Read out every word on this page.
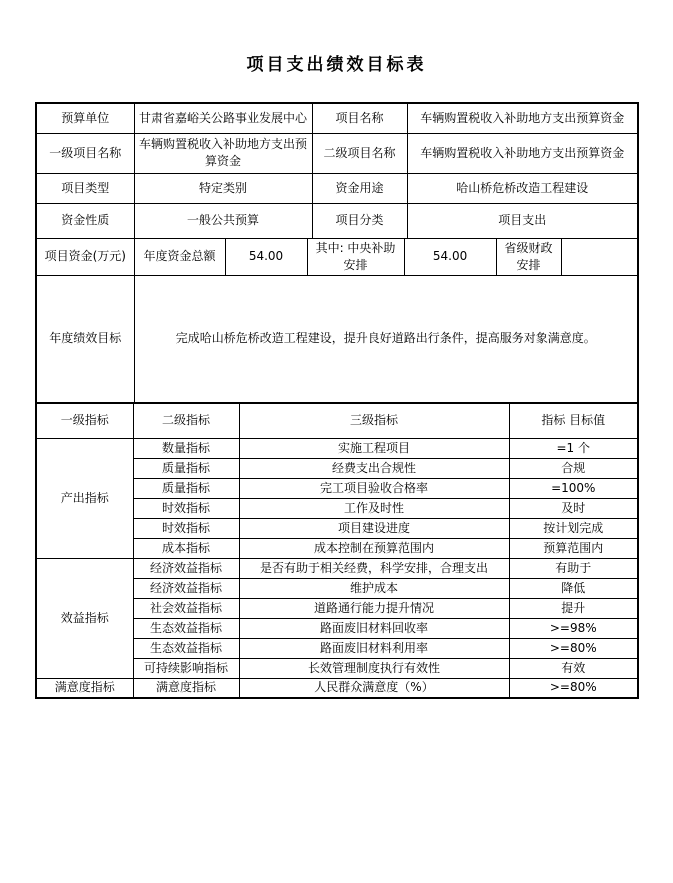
项目支出绩效目标表
预算单位	甘肃省嘉峪关公路事业发展中心			项目名称		车辆购置税收入补助地方支出预算资金		
一级项目名称	车辆购置税收入补助地方支出预算资金			二级项目名称		车辆购置税收入补助地方支出预算资金		
项目类型	特定类别			资金用途		哈山桥危桥改造工程建设		
资金性质	一般公共预算			项目分类		项目支出		
项目资金(万元)	年度资金总额	54.00	其中: 中央补助安排		54.00		省级财政安排	
年度绩效目标	完成哈山桥危桥改造工程建设，提升良好道路出行条件，提高服务对象满意度。							
一级指标	二级指标	三级指标	指标 目标值
产出指标	数量指标	实施工程项目	=1 个
	质量指标	经费支出合规性	合规
	质量指标	完工项目验收合格率	=100%
	时效指标	工作及时性	及时
	时效指标	项目建设进度	按计划完成
	成本指标	成本控制在预算范围内	预算范围内
效益指标	经济效益指标	是否有助于相关经费，科学安排，合理支出	有助于
	经济效益指标	维护成本	降低
	社会效益指标	道路通行能力提升情况	提升
	生态效益指标	路面废旧材料回收率	>=98%
	生态效益指标	路面废旧材料利用率	>=80%
	可持续影响指标	长效管理制度执行有效性	有效
满意度指标	满意度指标	人民群众满意度（%）	>=80%
